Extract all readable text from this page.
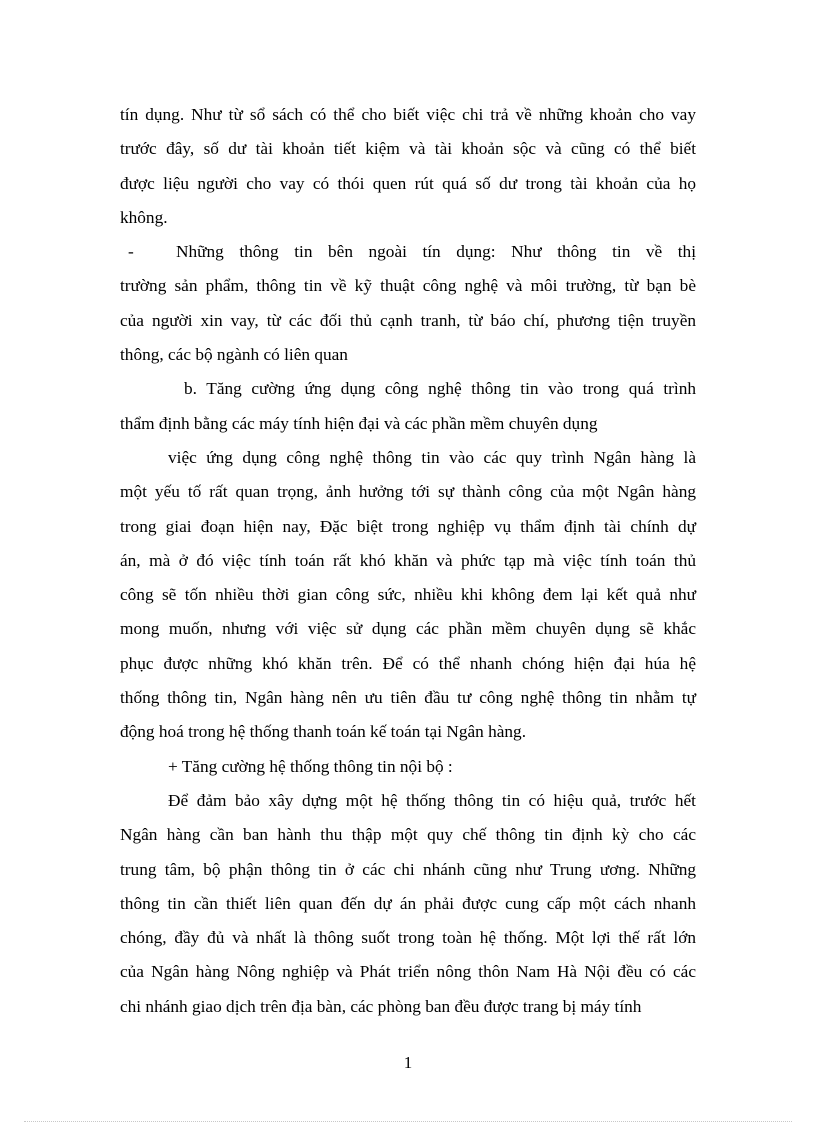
tín dụng. Như từ sổ sách có thể cho biết việc chi trả về những khoản cho vay
trước đây, số dư tài khoản tiết kiệm và tài khoản sộc và cũng có thể biết
được liệu người cho vay có thói quen rút quá số dư trong tài khoản của họ
không.
-	Những thông tin bên ngoài tín dụng: Như thông tin về thị
trường sản phẩm, thông tin về kỹ thuật công nghệ và môi trường, từ bạn bè
của người xin vay, từ các đối thủ cạnh tranh, từ báo chí, phương tiện truyền
thông, các bộ ngành có liên quan
b. Tăng cường ứng dụng công nghệ thông tin vào trong quá trình
thẩm định bằng các máy tính hiện đại và các phần mềm chuyên dụng
việc ứng dụng công nghệ thông tin vào các quy trình Ngân hàng là
một yếu tố rất quan trọng, ảnh hưởng tới sự thành công của một Ngân hàng
trong giai đoạn hiện nay, Đặc biệt trong nghiệp vụ thẩm định tài chính dự
án, mà ở đó việc tính toán rất khó khăn và phức tạp mà việc tính toán thủ
công sẽ tốn nhiều thời gian công sức, nhiều khi không đem lại kết quả như
mong muốn, nhưng với việc sử dụng các phần mềm chuyên dụng sẽ khắc
phục được những khó khăn trên. Để có thể nhanh chóng hiện đại húa hệ
thống thông tin, Ngân hàng nên ưu tiên đầu tư công nghệ thông tin nhằm tự
động hoá trong hệ thống thanh toán kế toán tại Ngân hàng.
+ Tăng cường hệ thống thông tin nội bộ :
Để đảm bảo xây dựng một hệ thống thông tin có hiệu quả, trước hết
Ngân hàng cần ban hành thu thập một quy chế thông tin định kỳ cho các
trung tâm, bộ phận thông tin ở các chi nhánh cũng như Trung ương. Những
thông tin cần thiết liên quan đến dự án phải được cung cấp một cách nhanh
chóng, đầy đủ và nhất là thông suốt trong toàn hệ thống. Một lợi thế rất lớn
của Ngân hàng Nông nghiệp và Phát triển nông thôn Nam Hà Nội đều có các
chi nhánh giao dịch trên địa bàn, các phòng ban đều được trang bị máy tính
1
